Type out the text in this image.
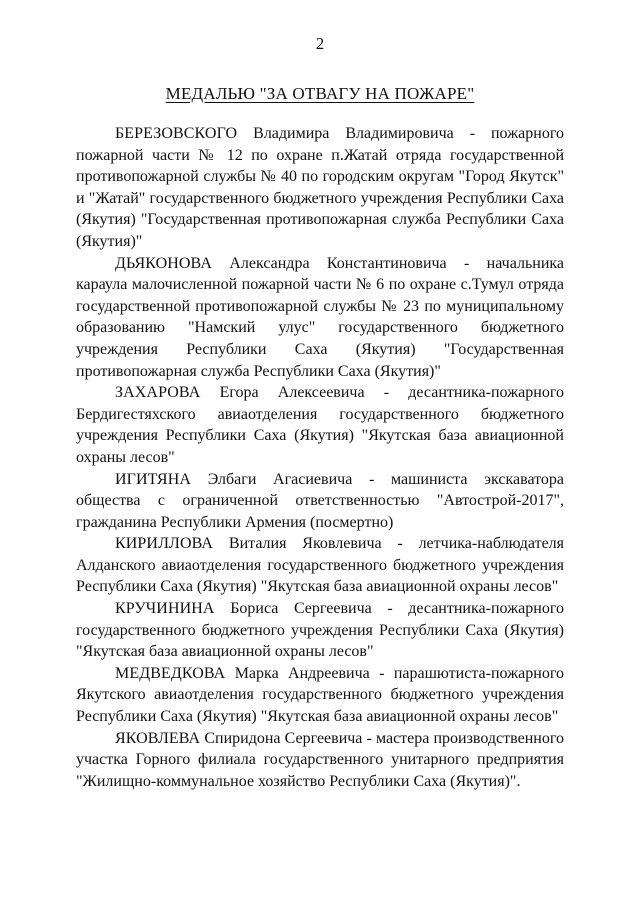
2
МЕДАЛЬЮ "ЗА ОТВАГУ НА ПОЖАРЕ"

БЕРЕЗОВСКОГО Владимира Владимировича - пожарного пожарной части № 12 по охране п.Жатай отряда государственной противопожарной службы № 40 по городским округам "Город Якутск" и "Жатай" государственного бюджетного учреждения Республики Саха (Якутия) "Государственная противопожарная служба Республики Саха (Якутия)"

ДЬЯКОНОВА Александра Константиновича - начальника караула малочисленной пожарной части № 6 по охране с.Тумул отряда государственной противопожарной службы № 23 по муниципальному образованию "Намский улус" государственного бюджетного учреждения Республики Саха (Якутия) "Государственная противопожарная служба Республики Саха (Якутия)"

ЗАХАРОВА Егора Алексеевича - десантника-пожарного Бердигестяхского авиаотделения государственного бюджетного учреждения Республики Саха (Якутия) "Якутская база авиационной охраны лесов"

ИГИТЯНА Элбаги Агасиевича - машиниста экскаватора общества с ограниченной ответственностью "Автострой-2017", гражданина Республики Армения (посмертно)

КИРИЛЛОВА Виталия Яковлевича - летчика-наблюдателя Алданского авиаотделения государственного бюджетного учреждения Республики Саха (Якутия) "Якутская база авиационной охраны лесов"

КРУЧИНИНА Бориса Сергеевича - десантника-пожарного государственного бюджетного учреждения Республики Саха (Якутия) "Якутская база авиационной охраны лесов"

МЕДВЕДКОВА Марка Андреевича - парашютиста-пожарного Якутского авиаотделения государственного бюджетного учреждения Республики Саха (Якутия) "Якутская база авиационной охраны лесов"

ЯКОВЛЕВА Спиридона Сергеевича - мастера производственного участка Горного филиала государственного унитарного предприятия "Жилищно-коммунальное хозяйство Республики Саха (Якутия)".
